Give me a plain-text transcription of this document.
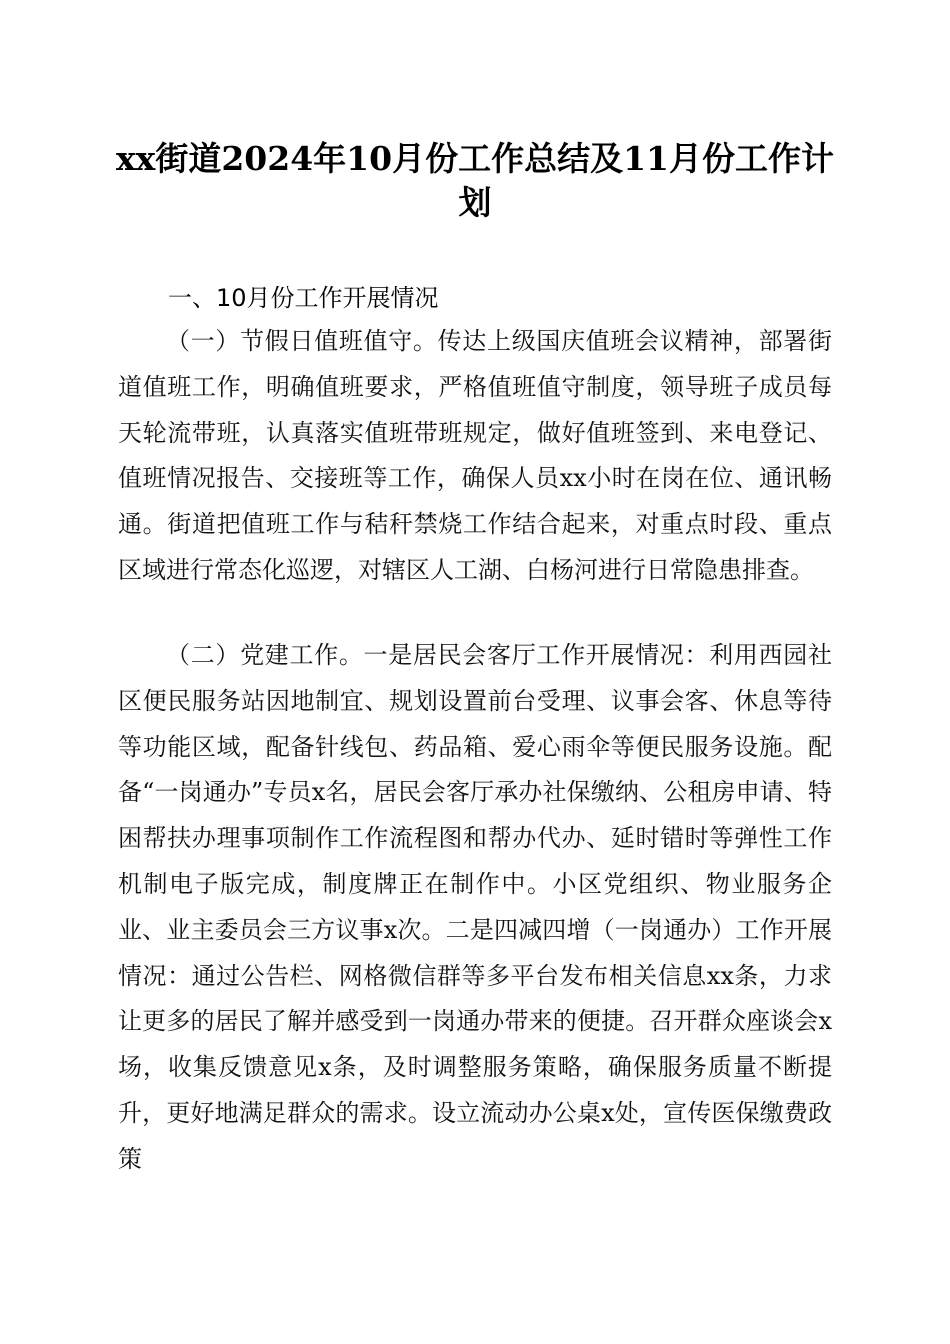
xx街道2024年10月份工作总结及11月份工作计划

一、10月份工作开展情况

（一）节假日值班值守。传达上级国庆值班会议精神，部署街道值班工作，明确值班要求，严格值班值守制度，领导班子成员每天轮流带班，认真落实值班带班规定，做好值班签到、来电登记、值班情况报告、交接班等工作，确保人员xx小时在岗在位、通讯畅通。街道把值班工作与秸秆禁烧工作结合起来，对重点时段、重点区域进行常态化巡逻，对辖区人工湖、白杨河进行日常隐患排查。

（二）党建工作。一是居民会客厅工作开展情况：利用西园社区便民服务站因地制宜、规划设置前台受理、议事会客、休息等待等功能区域，配备针线包、药品箱、爱心雨伞等便民服务设施。配备“一岗通办”专员x名，居民会客厅承办社保缴纳、公租房申请、特困帮扶办理事项制作工作流程图和帮办代办、延时错时等弹性工作机制电子版完成，制度牌正在制作中。小区党组织、物业服务企业、业主委员会三方议事x次。二是四减四增（一岗通办）工作开展情况：通过公告栏、网格微信群等多平台发布相关信息xx条，力求让更多的居民了解并感受到一岗通办带来的便捷。召开群众座谈会x场，收集反馈意见x条，及时调整服务策略，确保服务质量不断提升，更好地满足群众的需求。设立流动办公桌x处，宣传医保缴费政策
